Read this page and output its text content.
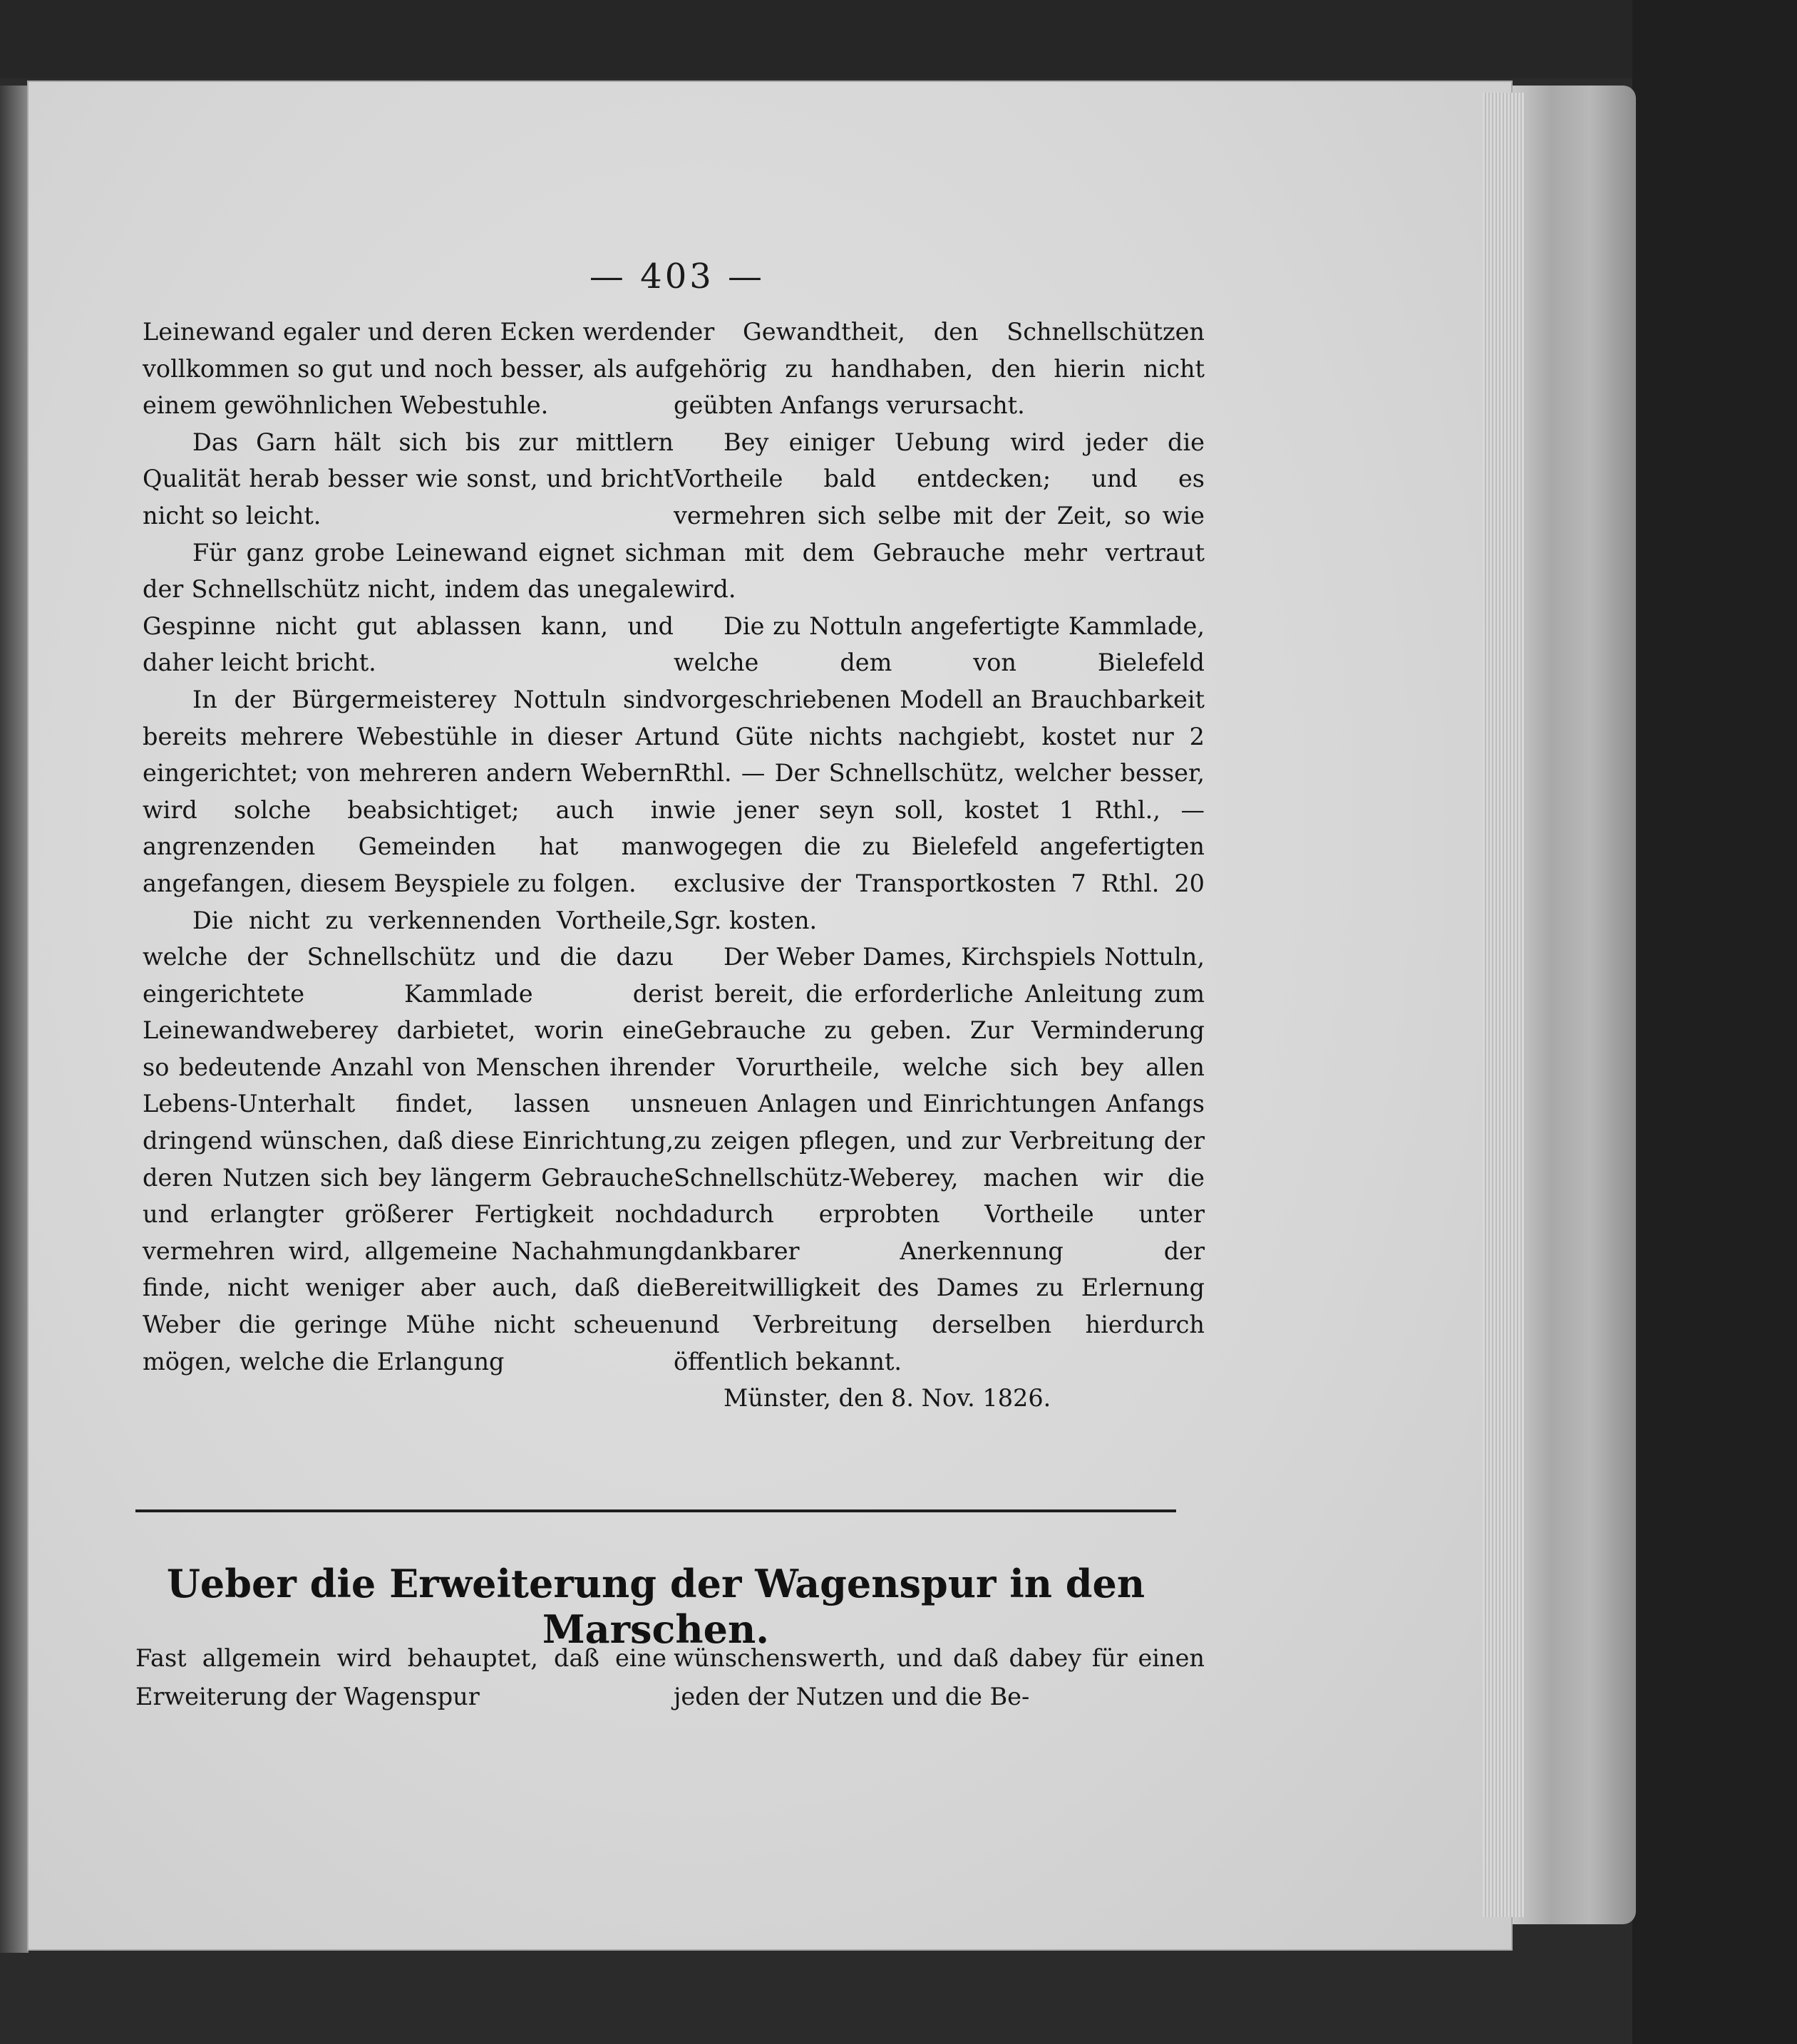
— 403 —

Leinewand egaler und deren Ecken werden vollkommen so gut und noch besser, als auf einem gewöhnlichen Webestuhle.

Das Garn hält sich bis zur mittlern Qualität herab besser wie sonst, und bricht nicht so leicht.

Für ganz grobe Leinewand eignet sich der Schnellschütz nicht, indem das unegale Gespinne nicht gut ablassen kann, und daher leicht bricht.

In der Bürgermeisterey Nottuln sind bereits mehrere Webestühle in dieser Art eingerichtet; von mehreren andern Webern wird solche beabsichtiget; auch in angrenzenden Gemeinden hat man angefangen, diesem Beyspiele zu folgen.

Die nicht zu verkennenden Vortheile, welche der Schnellschütz und die dazu eingerichtete Kammlade der Leinewandweberey darbietet, worin eine so bedeutende Anzahl von Menschen ihren Lebens-Unterhalt findet, lassen uns dringend wünschen, daß diese Einrichtung, deren Nutzen sich bey längerm Gebrauche und erlangter größerer Fertigkeit noch vermehren wird, allgemeine Nachahmung finde, nicht weniger aber auch, daß die Weber die geringe Mühe nicht scheuen mögen, welche die Erlangung

der Gewandtheit, den Schnellschützen gehörig zu handhaben, den hierin nicht geübten Anfangs verursacht.

Bey einiger Uebung wird jeder die Vortheile bald entdecken; und es vermehren sich selbe mit der Zeit, so wie man mit dem Gebrauche mehr vertraut wird.

Die zu Nottuln angefertigte Kammlade, welche dem von Bielefeld vorgeschriebenen Modell an Brauchbarkeit und Güte nichts nachgiebt, kostet nur 2 Rthl. — Der Schnellschütz, welcher besser, wie jener seyn soll, kostet 1 Rthl., — wogegen die zu Bielefeld angefertigten exclusive der Transportkosten 7 Rthl. 20 Sgr. kosten.

Der Weber Dames, Kirchspiels Nottuln, ist bereit, die erforderliche Anleitung zum Gebrauche zu geben. Zur Verminderung der Vorurtheile, welche sich bey allen neuen Anlagen und Einrichtungen Anfangs zu zeigen pflegen, und zur Verbreitung der Schnellschütz-Weberey, machen wir die dadurch erprobten Vortheile unter dankbarer Anerkennung der Bereitwilligkeit des Dames zu Erlernung und Verbreitung derselben hierdurch öffentlich bekannt.

Münster, den 8. Nov. 1826.

Ueber die Erweiterung der Wagenspur in den Marschen.

Fast allgemein wird behauptet, daß eine Erweiterung der Wagenspur

wünschenswerth, und daß dabey für einen jeden der Nutzen und die Be-
